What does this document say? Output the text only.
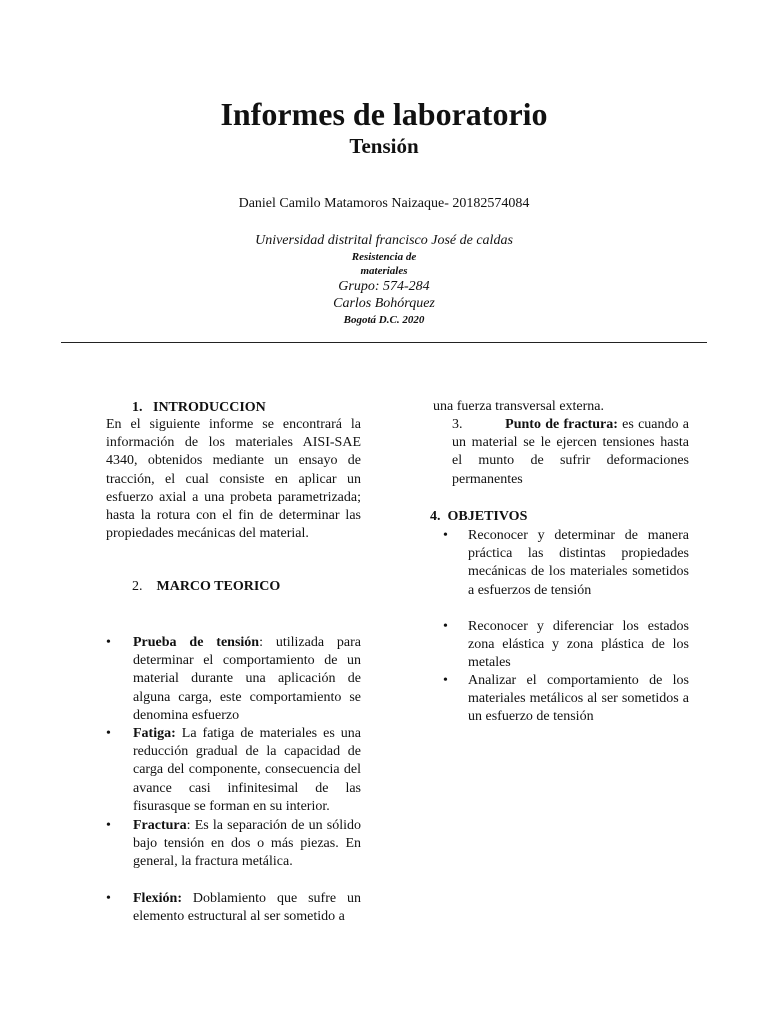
Informes de laboratorio
Tensión
Daniel Camilo Matamoros Naizaque- 20182574084
Universidad distrital francisco José de caldas
Resistencia de
materiales
Grupo: 574-284
Carlos Bohórquez
Bogotá D.C. 2020
1. INTRODUCCION
En el siguiente informe se encontrará la información de los materiales AISI-SAE 4340, obtenidos mediante un ensayo de tracción, el cual consiste en aplicar un esfuerzo axial a una probeta parametrizada; hasta la rotura con el fin de determinar las propiedades mecánicas del material.
2. MARCO TEORICO
•	Prueba de tensión: utilizada para determinar el comportamiento de un material durante una aplicación de alguna carga, este comportamiento se denomina esfuerzo
•	Fatiga: La fatiga de materiales es una reducción gradual de la capacidad de carga del componente, consecuencia del avance casi infinitesimal de las fisurasque se forman en su interior.
•	Fractura: Es la separación de un sólido bajo tensión en dos o más piezas. En general, la fractura metálica.
•	Flexión: Doblamiento que sufre un elemento estructural al ser sometido a
una fuerza transversal externa.
3.	Punto de fractura: es cuando a un material se le ejercen tensiones hasta el munto de sufrir deformaciones permanentes
4. OBJETIVOS
•	Reconocer y determinar de manera práctica las distintas propiedades mecánicas de los materiales sometidos a esfuerzos de tensión
•	Reconocer y diferenciar los estados zona elástica y zona plástica de los metales
•	Analizar el comportamiento de los materiales metálicos al ser sometidos a un esfuerzo de tensión
